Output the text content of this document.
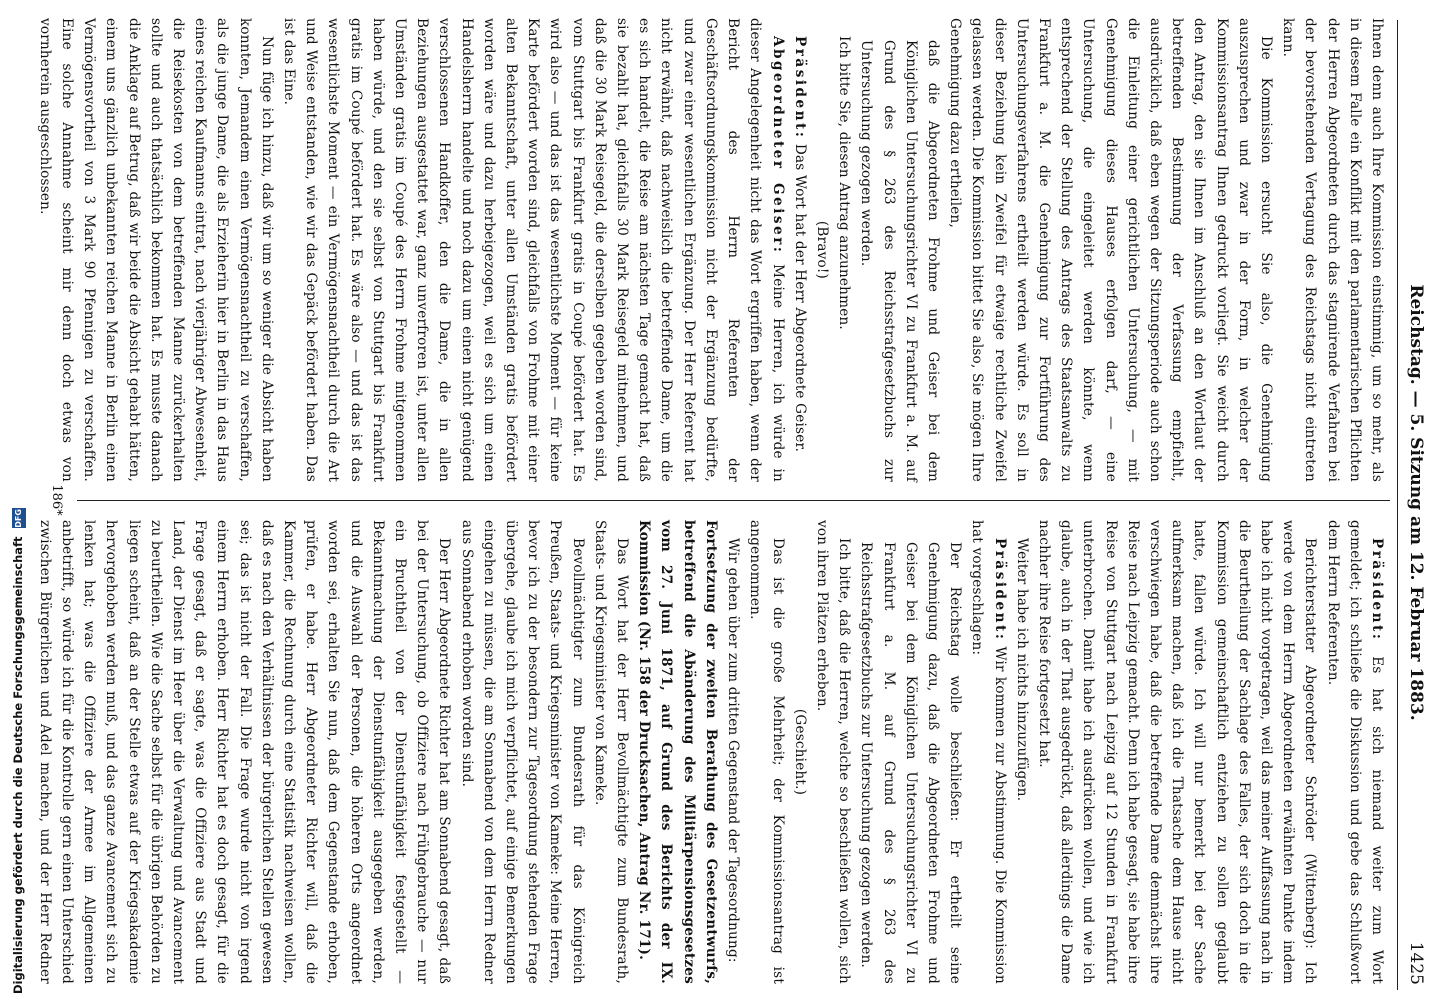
Reichstag. — 5. Sitzung am 12. Februar 1883.
1425

Ihnen denn auch Ihre Kommission einstimmig, um so mehr, als in diesem Falle ein Konflikt mit den parlamentarischen Pflichten der Herren Abgeordneten durch das stagnirende Verfahren bei der bevorstehenden Vertagung des Reichstags nicht eintreten kann.

Die Kommission ersucht Sie also, die Genehmigung auszusprechen und zwar in der Form, in welcher der Kommissionsantrag Ihnen gedruckt vorliegt. Sie weicht durch den Antrag, den sie Ihnen im Anschluß an den Wortlaut der betreffenden Bestimmung der Verfassung empfiehlt, ausdrücklich, daß eben wegen der Sitzungsperiode auch schon die Einleitung einer gerichtlichen Untersuchung, — mit Genehmigung dieses Hauses erfolgen darf, — eine Untersuchung, die eingeleitet werden könnte, wenn entsprechend der Stellung des Antrags des Staatsanwalts zu Frankfurt a. M. die Genehmigung zur Fortführung des Untersuchungsverfahrens ertheilt werden würde. Es soll in dieser Beziehung kein Zweifel für etwaige rechtliche Zweifel gelassen werden. Die Kommission bittet Sie also, Sie mögen Ihre Genehmigung dazu ertheilen,

daß die Abgeordneten Frohme und Geiser bei dem Königlichen Untersuchungsrichter VI zu Frankfurt a. M. auf Grund des § 263 des Reichsstrafgesetzbuchs zur Untersuchung gezogen werden.

Ich bitte Sie, diesen Antrag anzunehmen.

(Bravo!)

Präsident: Das Wort hat der Herr Abgeordnete Geiser.

Abgeordneter Geiser: Meine Herren, ich würde in dieser Angelegenheit nicht das Wort ergriffen haben, wenn der Bericht des Herrn Referenten der Geschäftsordnungskommission nicht der Ergänzung bedürfte, und zwar einer wesentlichen Ergänzung. Der Herr Referent hat nicht erwähnt, daß nachweislich die betreffende Dame, um die es sich handelt, die Reise am nächsten Tage gemacht hat, daß sie bezahlt hat, gleichfalls 30 Mark Reisegeld mitnehmen, und daß die 30 Mark Reisegeld, die derselben gegeben worden sind, vom Stuttgart bis Frankfurt gratis in Coupé befördert hat. Es wird also — und das ist das wesentlichste Moment — für keine Karte befördert worden sind, gleichfalls von Frohme mit einer alten Bekanntschaft, unter allen Umständen gratis befördert worden wäre und dazu herbeigezogen, weil es sich um einen Handelsherrn handelte und noch dazu um einen nicht genügend verschlossenen Handkoffer, den die Dame, die in allen Beziehungen ausgestattet war, ganz unverfroren ist, unter allen Umständen gratis im Coupé des Herrn Frohme mitgenommen haben würde, und den sie selbst von Stuttgart bis Frankfurt gratis im Coupé befördert hat. Es wäre also — und das ist das wesentlichste Moment — ein Vermögensnachtheil durch die Art und Weise entstanden, wie wir das Gepäck befördert haben. Das ist das Eine.

Nun füge ich hinzu, daß wir um so weniger die Absicht haben konnten, Jemandem einen Vermögensnachtheil zu verschaffen, als die junge Dame, die als Erzieherin hier in Berlin in das Haus eines reichen Kaufmanns eintrat, nach vierjähriger Abwesenheit, die Reisekosten von dem betreffenden Manne zurückerhalten sollte und auch thatsächlich bekommen hat. Es musste danach die Anklage auf Betrug, daß wir beide die Absicht gehabt hätten, einem uns gänzlich unbekannten reichen Manne in Berlin einen Vermögensvortheil von 3 Mark 90 Pfennigen zu verschaffen. Eine solche Annahme scheint mir denn doch etwas von vornherein ausgeschlossen.

Präsident: Es hat sich niemand weiter zum Wort gemeldet; ich schließe die Diskussion und gebe das Schlußwort dem Herrn Referenten.

Berichterstatter Abgeordneter Schröder (Wittenberg): Ich werde von dem Herrn Abgeordneten erwähnten Punkte indem habe ich nicht vorgetragen, weil das meiner Auffassung nach in die Beurtheilung der Sachlage des Falles, der sich doch in die Kommission gemeinschaftlich entziehen zu sollen geglaubt hatte, fallen würde. Ich will nur bemerkt bei der Sache aufmerksam machen, daß ich die Thatsache dem Hause nicht verschwiegen habe, daß die betreffende Dame demnächst ihre Reise nach Leipzig gemacht. Denn ich habe gesagt, sie habe ihre Reise von Stuttgart nach Leipzig auf 12 Stunden in Frankfurt unterbrochen. Damit habe ich ausdrücken wollen, und wie ich glaube, auch in der That ausgedrückt, daß allerdings die Dame nachher ihre Reise fortgesetzt hat.

Weiter habe ich nichts hinzuzufügen.

Präsident: Wir kommen zur Abstimmung. Die Kommission hat vorgeschlagen:

Der Reichstag wolle beschließen: Er ertheilt seine Genehmigung dazu, daß die Abgeordneten Frohme und Geiser bei dem Königlichen Untersuchungsrichter VI zu Frankfurt a. M. auf Grund des § 263 des Reichsstrafgesetzbuchs zur Untersuchung gezogen werden.

Ich bitte, daß die Herren, welche so beschließen wollen, sich von ihren Plätzen erheben.

(Geschieht.)

Das ist die große Mehrheit; der Kommissionsantrag ist angenommen.

Wir gehen über zum dritten Gegenstand der Tagesordnung:

Fortsetzung der zweiten Berathung des Gesetzentwurfs, betreffend die Abänderung des Militärpensionsgesetzes vom 27. Juni 1871, auf Grund des Berichts der IX. Kommission (Nr. 158 der Drucksachen, Antrag Nr. 171).

Das Wort hat der Herr Bevollmächtigte zum Bundesrath, Staats- und Kriegsminister von Kameke.

Bevollmächtigter zum Bundesrath für das Königreich Preußen, Staats- und Kriegsminister von Kameke: Meine Herren, bevor ich zu der besondern zur Tagesordnung stehenden Frage übergehe, glaube ich mich verpflichtet, auf einige Bemerkungen eingehen zu müssen, die am Sonnabend von dem Herrn Redner aus Sonnabend erhoben worden sind.

Der Herr Abgeordnete Richter hat am Sonnabend gesagt, daß bei der Untersuchung, ob Offiziere nach Frühgebrauche — nur ein Bruchtheil von der Dienstunfähigkeit festgestellt — Bekanntmachung der Dienstunfähigkeit ausgegeben werden, und die Auswahl der Personen, die höheren Orts angeordnet worden sei, erhalten Sie nun, daß dem Gegenstande erhoben, prüfen, er habe. Herr Abgeordneter Richter will, daß die Kammer, die Rechnung durch eine Statistik nachweisen wollen, daß es nach den Verhältnissen der bürgerlichen Stellen gewesen sei; das ist nicht der Fall. Die Frage wurde nicht von irgend einem Herrn erhoben. Herr Richter hat es doch gesagt, für die Frage gesagt, daß er sagte, was die Offiziere aus Stadt und Land, der Dienst im Heer über die Verwaltung und Avancement zu beurtheilen. Wie die Sache selbst für die übrigen Behörden zu liegen scheint, daß an der Stelle etwas auf der Kriegsakademie hervorgehoben werden muß, und das ganze Avancement sich zu lenken hat; was die Offiziere der Armee im Allgemeinen anbetrifft, so würde ich für die Kontrolle gern einen Unterschied zwischen Bürgerlichen und Adel machen, und der Herr Redner

186*
Digitalisierung gefördert durch die Deutsche Forschungsgemeinschaft DFG
